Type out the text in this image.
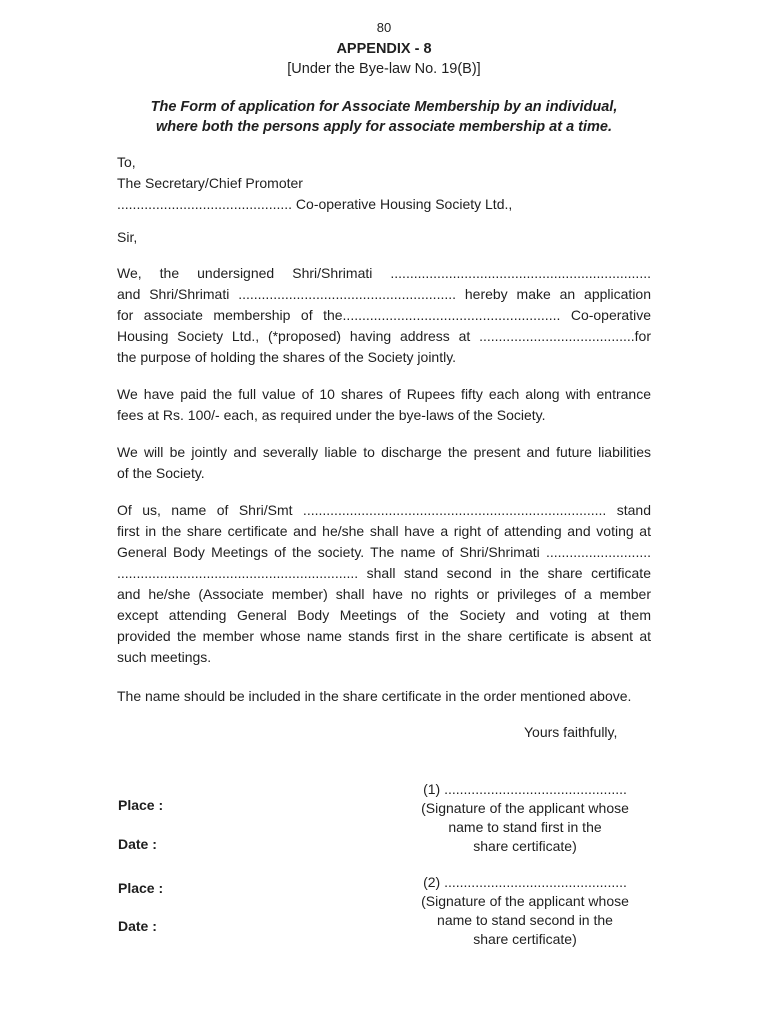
80
APPENDIX - 8
[Under the Bye-law No. 19(B)]
The Form of application for Associate Membership by an individual,
where both the persons apply for associate membership at a time.
To,
The Secretary/Chief Promoter
............................................. Co-operative Housing Society Ltd.,
Sir,
We, the undersigned Shri/Shrimati ...................................................................
and Shri/Shrimati ........................................................ hereby make an application
for associate membership of the........................................................ Co-operative
Housing Society Ltd., (*proposed) having address at ........................................for
the purpose of holding the shares of the Society jointly.
We have paid the full value of 10 shares of Rupees fifty each along with entrance
fees at Rs. 100/- each, as required under the bye-laws of the Society.
We will be jointly and severally liable to discharge the present and future liabilities
of the Society.
Of us, name of Shri/Smt .............................................................................. stand
first in the share certificate and he/she shall have a right of attending and voting at
General Body Meetings of the society. The name of Shri/Shrimati ...........................
.............................................................. shall stand second in the share certificate
and he/she (Associate member) shall have no rights or privileges of a member
except attending General Body Meetings of the Society and voting at them
provided the member whose name stands first in the share certificate is absent at
such meetings.
The name should be included in the share certificate in the order mentioned above.
Yours faithfully,
Place :
Date :
(1) ...............................................
(Signature of the applicant whose
name to stand first in the
share certificate)
Place :
Date :
(2) ...............................................
(Signature of the applicant whose
name to stand second in the
share certificate)
